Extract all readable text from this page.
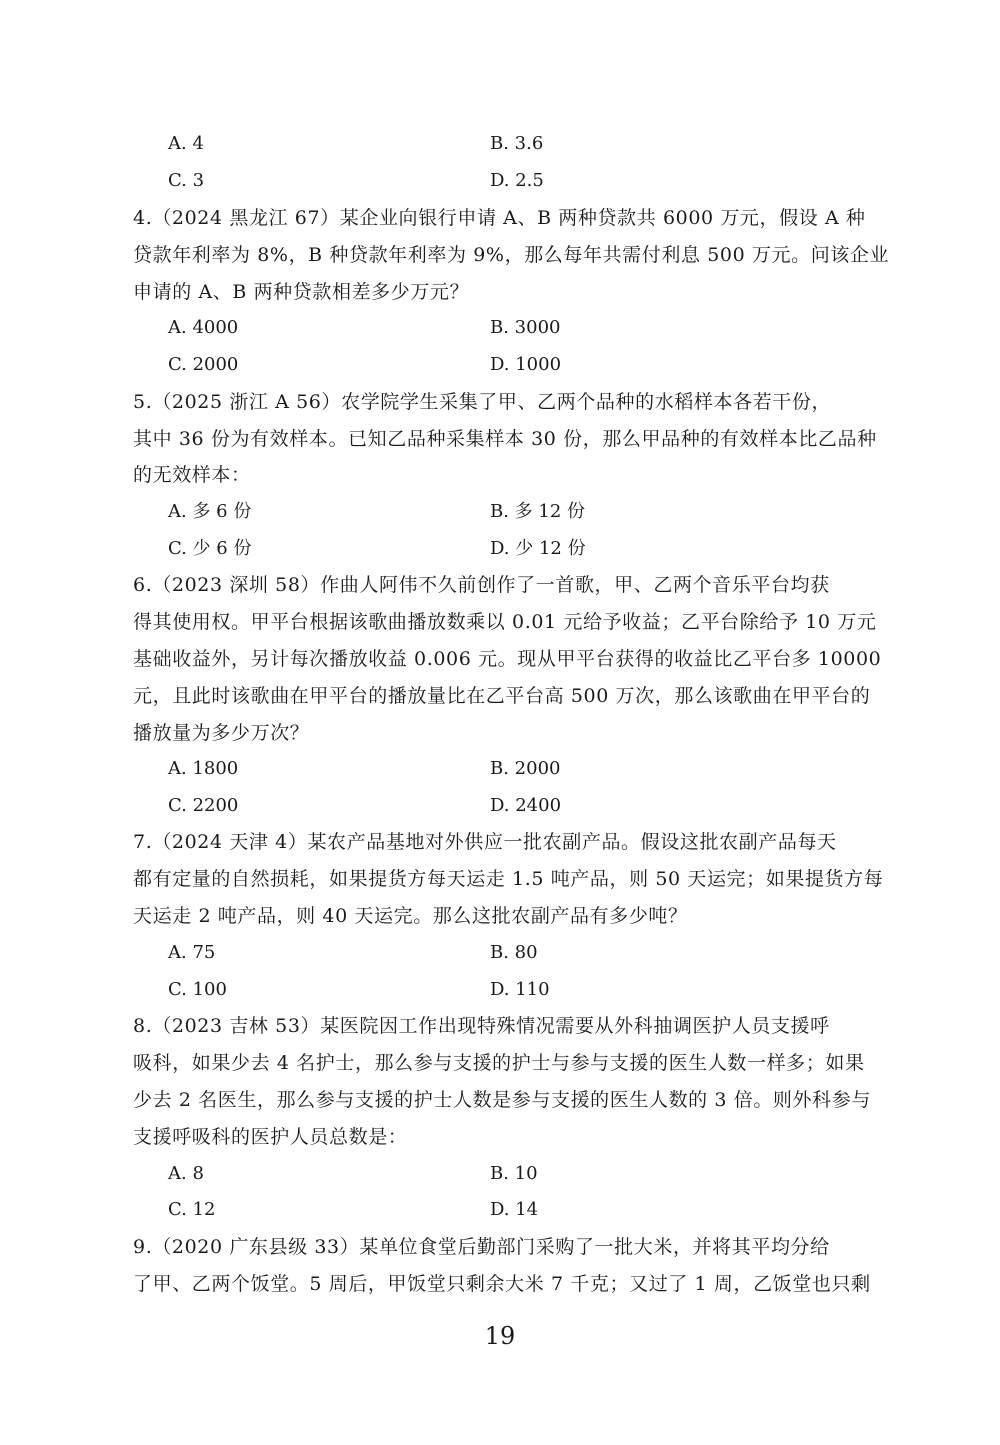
A. 4	B. 3.6
C. 3	D. 2.5
4.（2024 黑龙江 67）某企业向银行申请 A、B 两种贷款共 6000 万元，假设 A 种
贷款年利率为 8%，B 种贷款年利率为 9%，那么每年共需付利息 500 万元。问该企业
申请的 A、B 两种贷款相差多少万元？
A. 4000	B. 3000
C. 2000	D. 1000
5.（2025 浙江 A 56）农学院学生采集了甲、乙两个品种的水稻样本各若干份，
其中 36 份为有效样本。已知乙品种采集样本 30 份，那么甲品种的有效样本比乙品种
的无效样本：
A. 多 6 份	B. 多 12 份
C. 少 6 份	D. 少 12 份
6.（2023 深圳 58）作曲人阿伟不久前创作了一首歌，甲、乙两个音乐平台均获
得其使用权。甲平台根据该歌曲播放数乘以 0.01 元给予收益；乙平台除给予 10 万元
基础收益外，另计每次播放收益 0.006 元。现从甲平台获得的收益比乙平台多 10000
元，且此时该歌曲在甲平台的播放量比在乙平台高 500 万次，那么该歌曲在甲平台的
播放量为多少万次？
A. 1800	B. 2000
C. 2200	D. 2400
7.（2024 天津 4）某农产品基地对外供应一批农副产品。假设这批农副产品每天
都有定量的自然损耗，如果提货方每天运走 1.5 吨产品，则 50 天运完；如果提货方每
天运走 2 吨产品，则 40 天运完。那么这批农副产品有多少吨？
A. 75	B. 80
C. 100	D. 110
8.（2023 吉林 53）某医院因工作出现特殊情况需要从外科抽调医护人员支援呼
吸科，如果少去 4 名护士，那么参与支援的护士与参与支援的医生人数一样多；如果
少去 2 名医生，那么参与支援的护士人数是参与支援的医生人数的 3 倍。则外科参与
支援呼吸科的医护人员总数是：
A. 8	B. 10
C. 12	D. 14
9.（2020 广东县级 33）某单位食堂后勤部门采购了一批大米，并将其平均分给
了甲、乙两个饭堂。5 周后，甲饭堂只剩余大米 7 千克；又过了 1 周，乙饭堂也只剩
19
